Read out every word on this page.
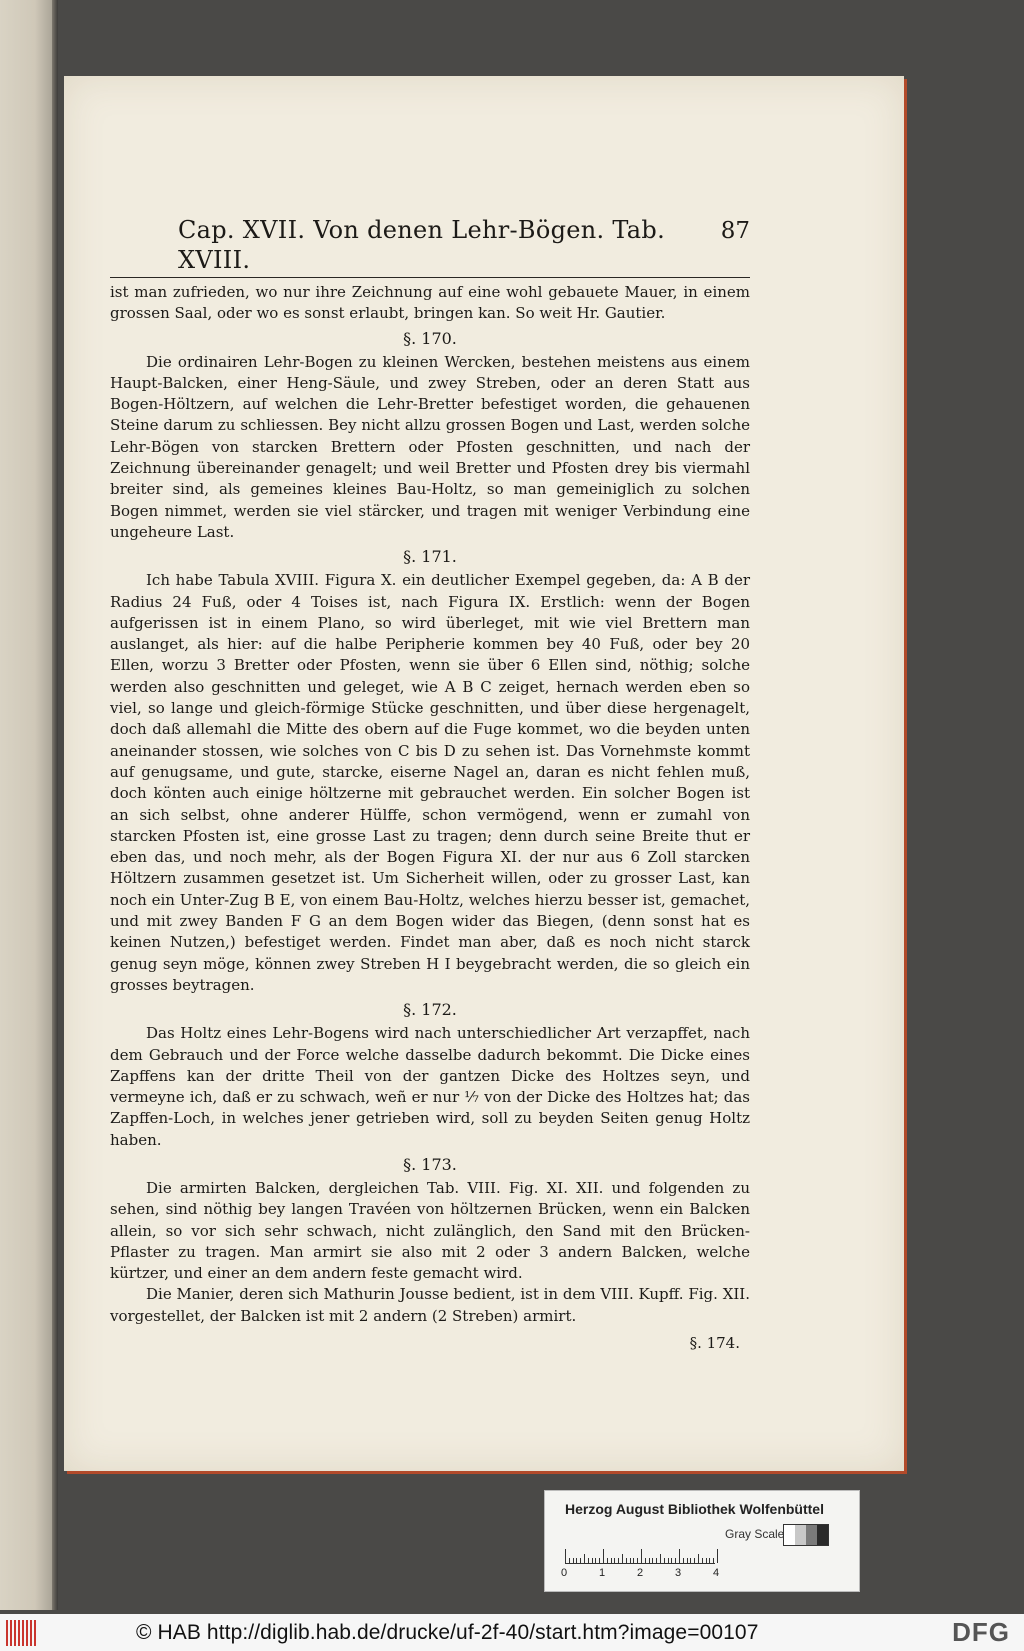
Cap. XVII. Von denen Lehr-Bögen. Tab. XVIII.
87

ist man zufrieden, wo nur ihre Zeichnung auf eine wohl gebauete Mauer, in einem grossen Saal, oder wo es sonst erlaubt, bringen kan. So weit Hr. Gautier.

§. 170.

Die ordinairen Lehr-Bogen zu kleinen Wercken, bestehen meistens aus einem Haupt-Balcken, einer Heng-Säule, und zwey Streben, oder an deren Statt aus Bogen-Höltzern, auf welchen die Lehr-Bretter befestiget worden, die gehauenen Steine darum zu schliessen. Bey nicht allzu grossen Bogen und Last, werden solche Lehr-Bögen von starcken Brettern oder Pfosten geschnitten, und nach der Zeichnung übereinander genagelt; und weil Bretter und Pfosten drey bis viermahl breiter sind, als gemeines kleines Bau-Holtz, so man gemeiniglich zu solchen Bogen nimmet, werden sie viel stärcker, und tragen mit weniger Verbindung eine ungeheure Last.

§. 171.

Ich habe Tabula XVIII. Figura X. ein deutlicher Exempel gegeben, da: A B der Radius 24 Fuß, oder 4 Toises ist, nach Figura IX. Erstlich: wenn der Bogen aufgerissen ist in einem Plano, so wird überleget, mit wie viel Brettern man auslanget, als hier: auf die halbe Peripherie kommen bey 40 Fuß, oder bey 20 Ellen, worzu 3 Bretter oder Pfosten, wenn sie über 6 Ellen sind, nöthig; solche werden also geschnitten und geleget, wie A B C zeiget, hernach werden eben so viel, so lange und gleich-förmige Stücke geschnitten, und über diese hergenagelt, doch daß allemahl die Mitte des obern auf die Fuge kommet, wo die beyden unten aneinander stossen, wie solches von C bis D zu sehen ist. Das Vornehmste kommt auf genugsame, und gute, starcke, eiserne Nagel an, daran es nicht fehlen muß, doch könten auch einige höltzerne mit gebrauchet werden. Ein solcher Bogen ist an sich selbst, ohne anderer Hülffe, schon vermögend, wenn er zumahl von starcken Pfosten ist, eine grosse Last zu tragen; denn durch seine Breite thut er eben das, und noch mehr, als der Bogen Figura XI. der nur aus 6 Zoll starcken Höltzern zusammen gesetzet ist. Um Sicherheit willen, oder zu grosser Last, kan noch ein Unter-Zug B E, von einem Bau-Holtz, welches hierzu besser ist, gemachet, und mit zwey Banden F G an dem Bogen wider das Biegen, (denn sonst hat es keinen Nutzen,) befestiget werden. Findet man aber, daß es noch nicht starck genug seyn möge, können zwey Streben H I beygebracht werden, die so gleich ein grosses beytragen.

§. 172.

Das Holtz eines Lehr-Bogens wird nach unterschiedlicher Art verzapffet, nach dem Gebrauch und der Force welche dasselbe dadurch bekommt. Die Dicke eines Zapffens kan der dritte Theil von der gantzen Dicke des Holtzes seyn, und vermeyne ich, daß er zu schwach, weñ er nur ⅐ von der Dicke des Holtzes hat; das Zapffen-Loch, in welches jener getrieben wird, soll zu beyden Seiten genug Holtz haben.

§. 173.

Die armirten Balcken, dergleichen Tab. VIII. Fig. XI. XII. und folgenden zu sehen, sind nöthig bey langen Travéen von höltzernen Brücken, wenn ein Balcken allein, so vor sich sehr schwach, nicht zulänglich, den Sand mit den Brücken-Pflaster zu tragen. Man armirt sie also mit 2 oder 3 andern Balcken, welche kürtzer, und einer an dem andern feste gemacht wird.

Die Manier, deren sich Mathurin Jousse bedient, ist in dem VIII. Kupff. Fig. XII. vorgestellet, der Balcken ist mit 2 andern (2 Streben) armirt.

§. 174.
Herzog August Bibliothek Wolfenbüttel
Gray Scale
0	1	2	3	4
© HAB http://diglib.hab.de/drucke/uf-2f-40/start.htm?image=00107	DFG
